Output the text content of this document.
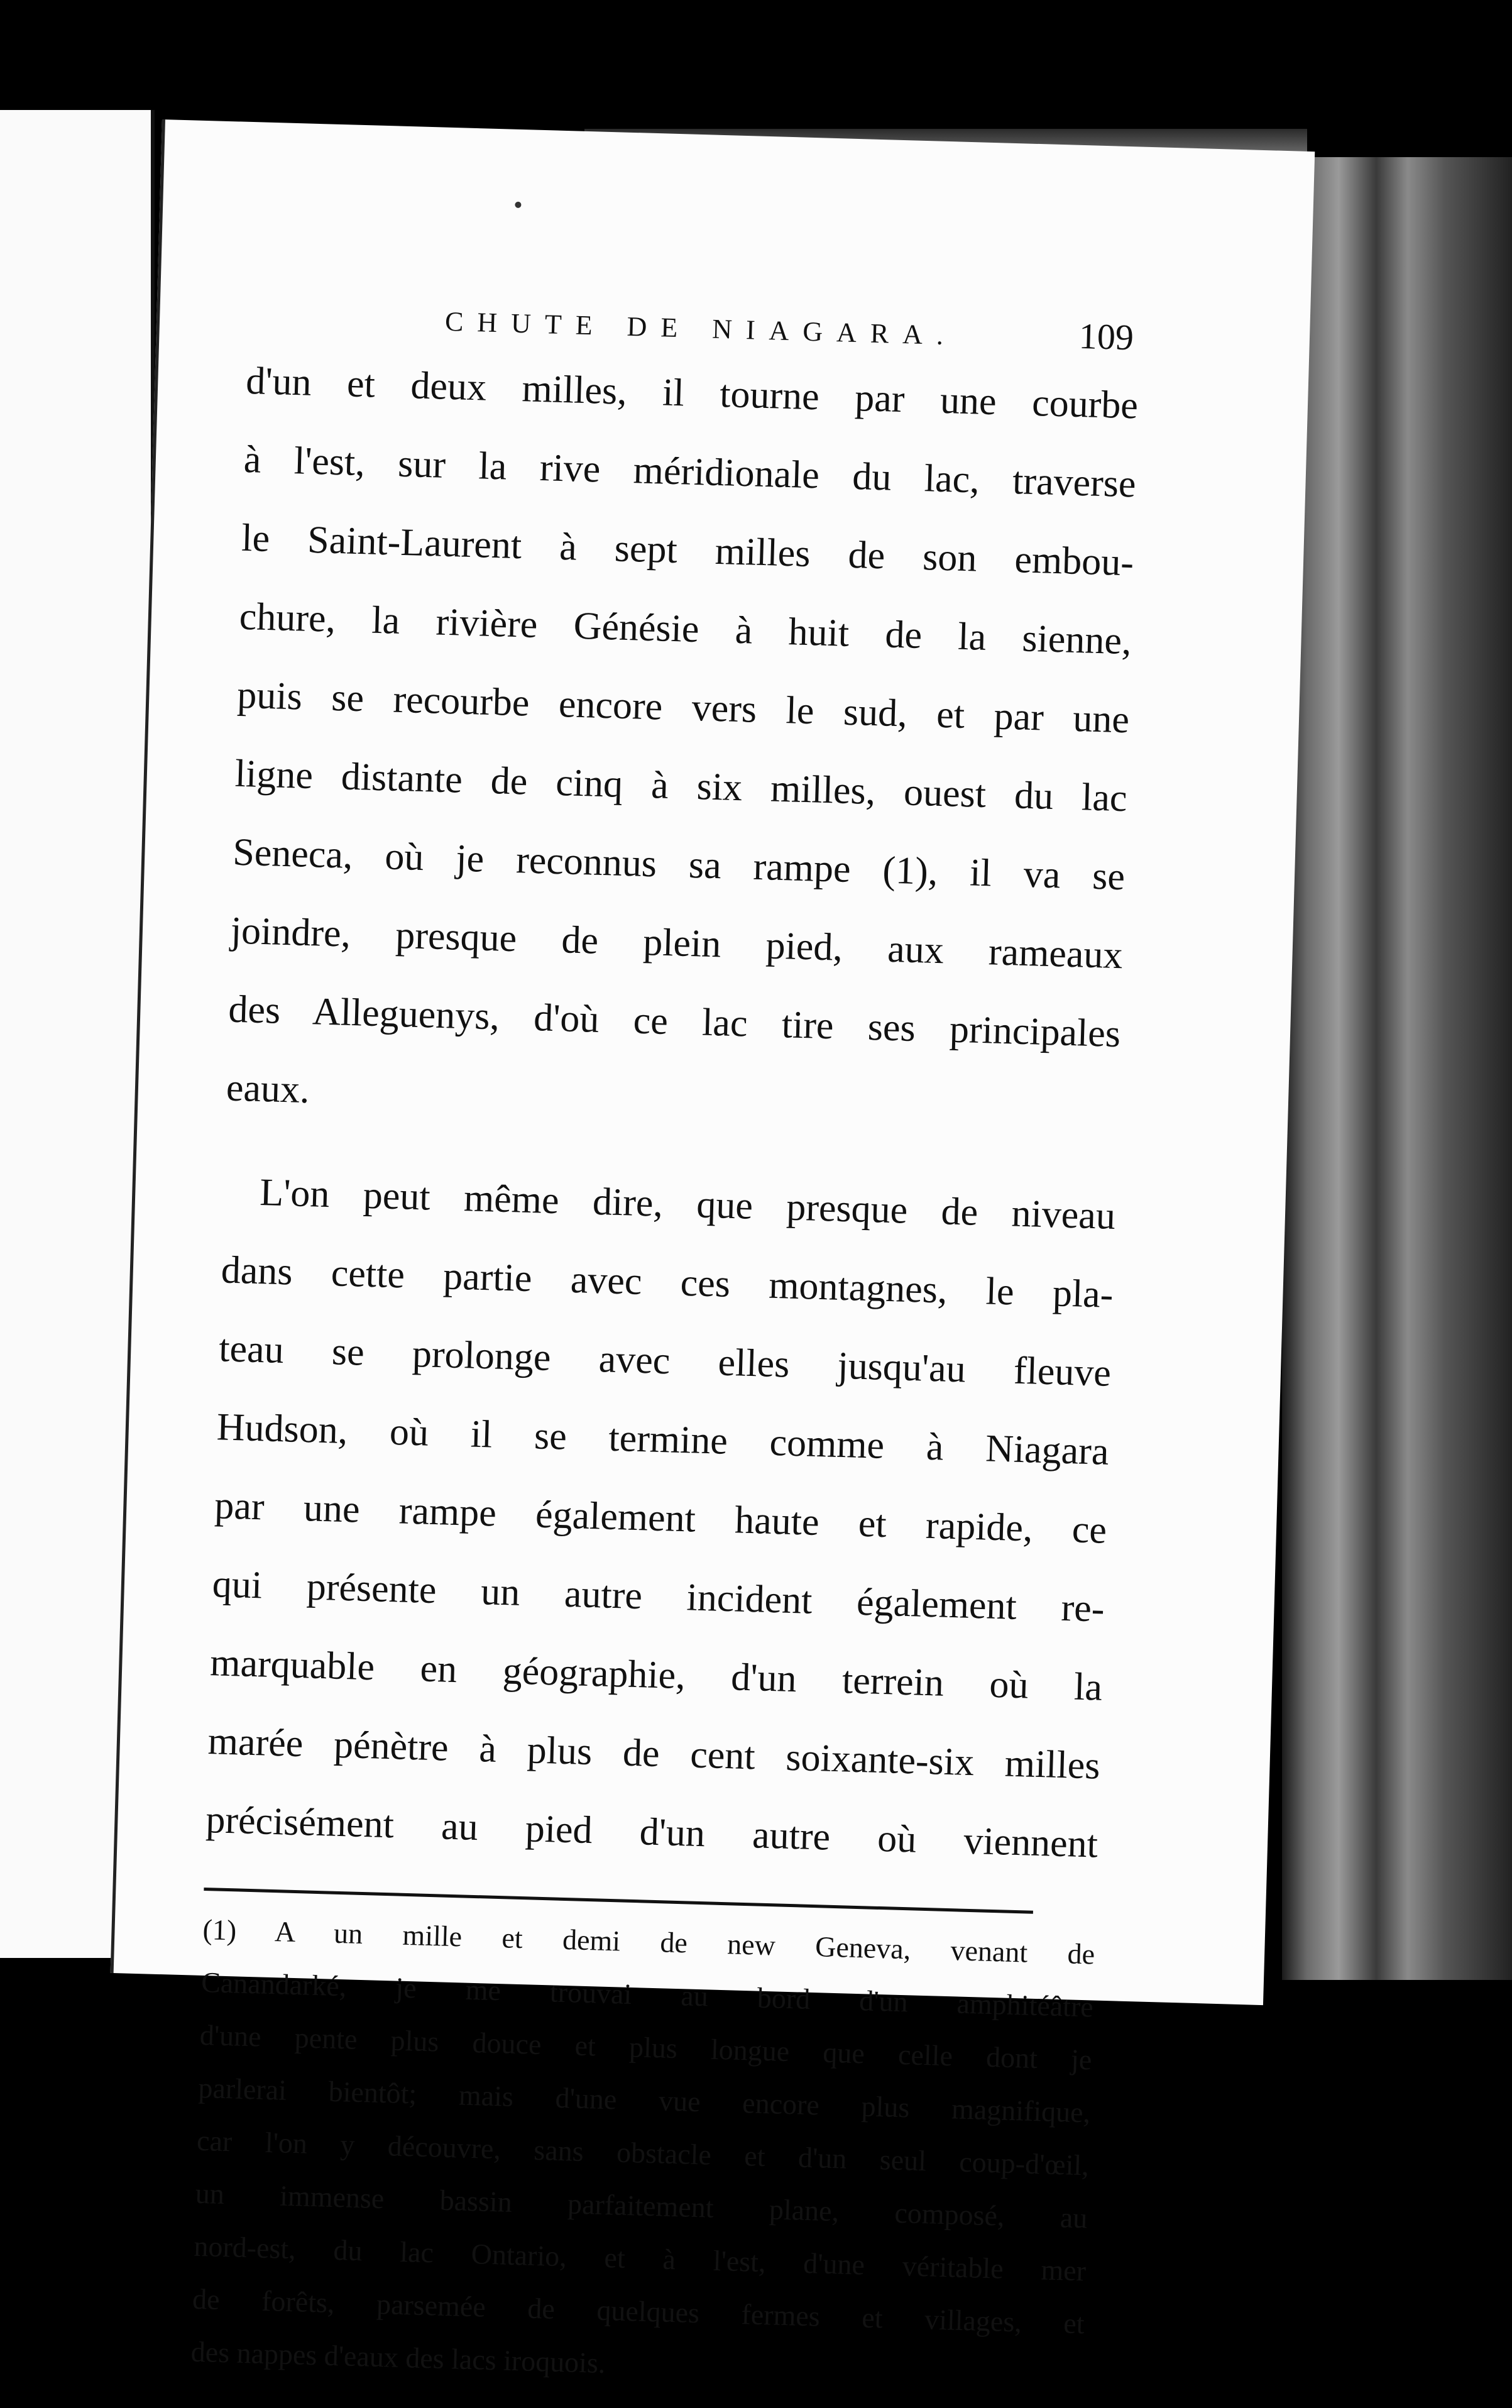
CHUTE DE NIAGARA.	109
d'un et deux milles, il tourne par une courbe
à l'est, sur la rive méridionale du lac, traverse
le Saint-Laurent à sept milles de son embou-
chure, la rivière Génésie à huit de la sienne,
puis se recourbe encore vers le sud, et par une
ligne distante de cinq à six milles, ouest du lac
Seneca, où je reconnus sa rampe (1), il va se
joindre, presque de plein pied, aux rameaux
des Alleguenys, d'où ce lac tire ses principales
eaux.
L'on peut même dire, que presque de niveau
dans cette partie avec ces montagnes, le pla-
teau se prolonge avec elles jusqu'au fleuve
Hudson, où il se termine comme à Niagara
par une rampe également haute et rapide, ce
qui présente un autre incident également re-
marquable en géographie, d'un terrein où la
marée pénètre à plus de cent soixante-six milles
précisément au pied d'un autre où viennent
(1) A un mille et demi de new Geneva, venant de
Canandarké, je me trouvai au bord d'un amphitéâtre
d'une pente plus douce et plus longue que celle dont je
parlerai bientôt; mais d'une vue encore plus magnifique,
car l'on y découvre, sans obstacle et d'un seul coup-d'œil,
un immense bassin parfaitement plane, composé, au
nord-est, du lac Ontario, et à l'est, d'une véritable mer
de forêts, parsemée de quelques fermes et villages, et
des nappes d'eaux des lacs iroquois.
